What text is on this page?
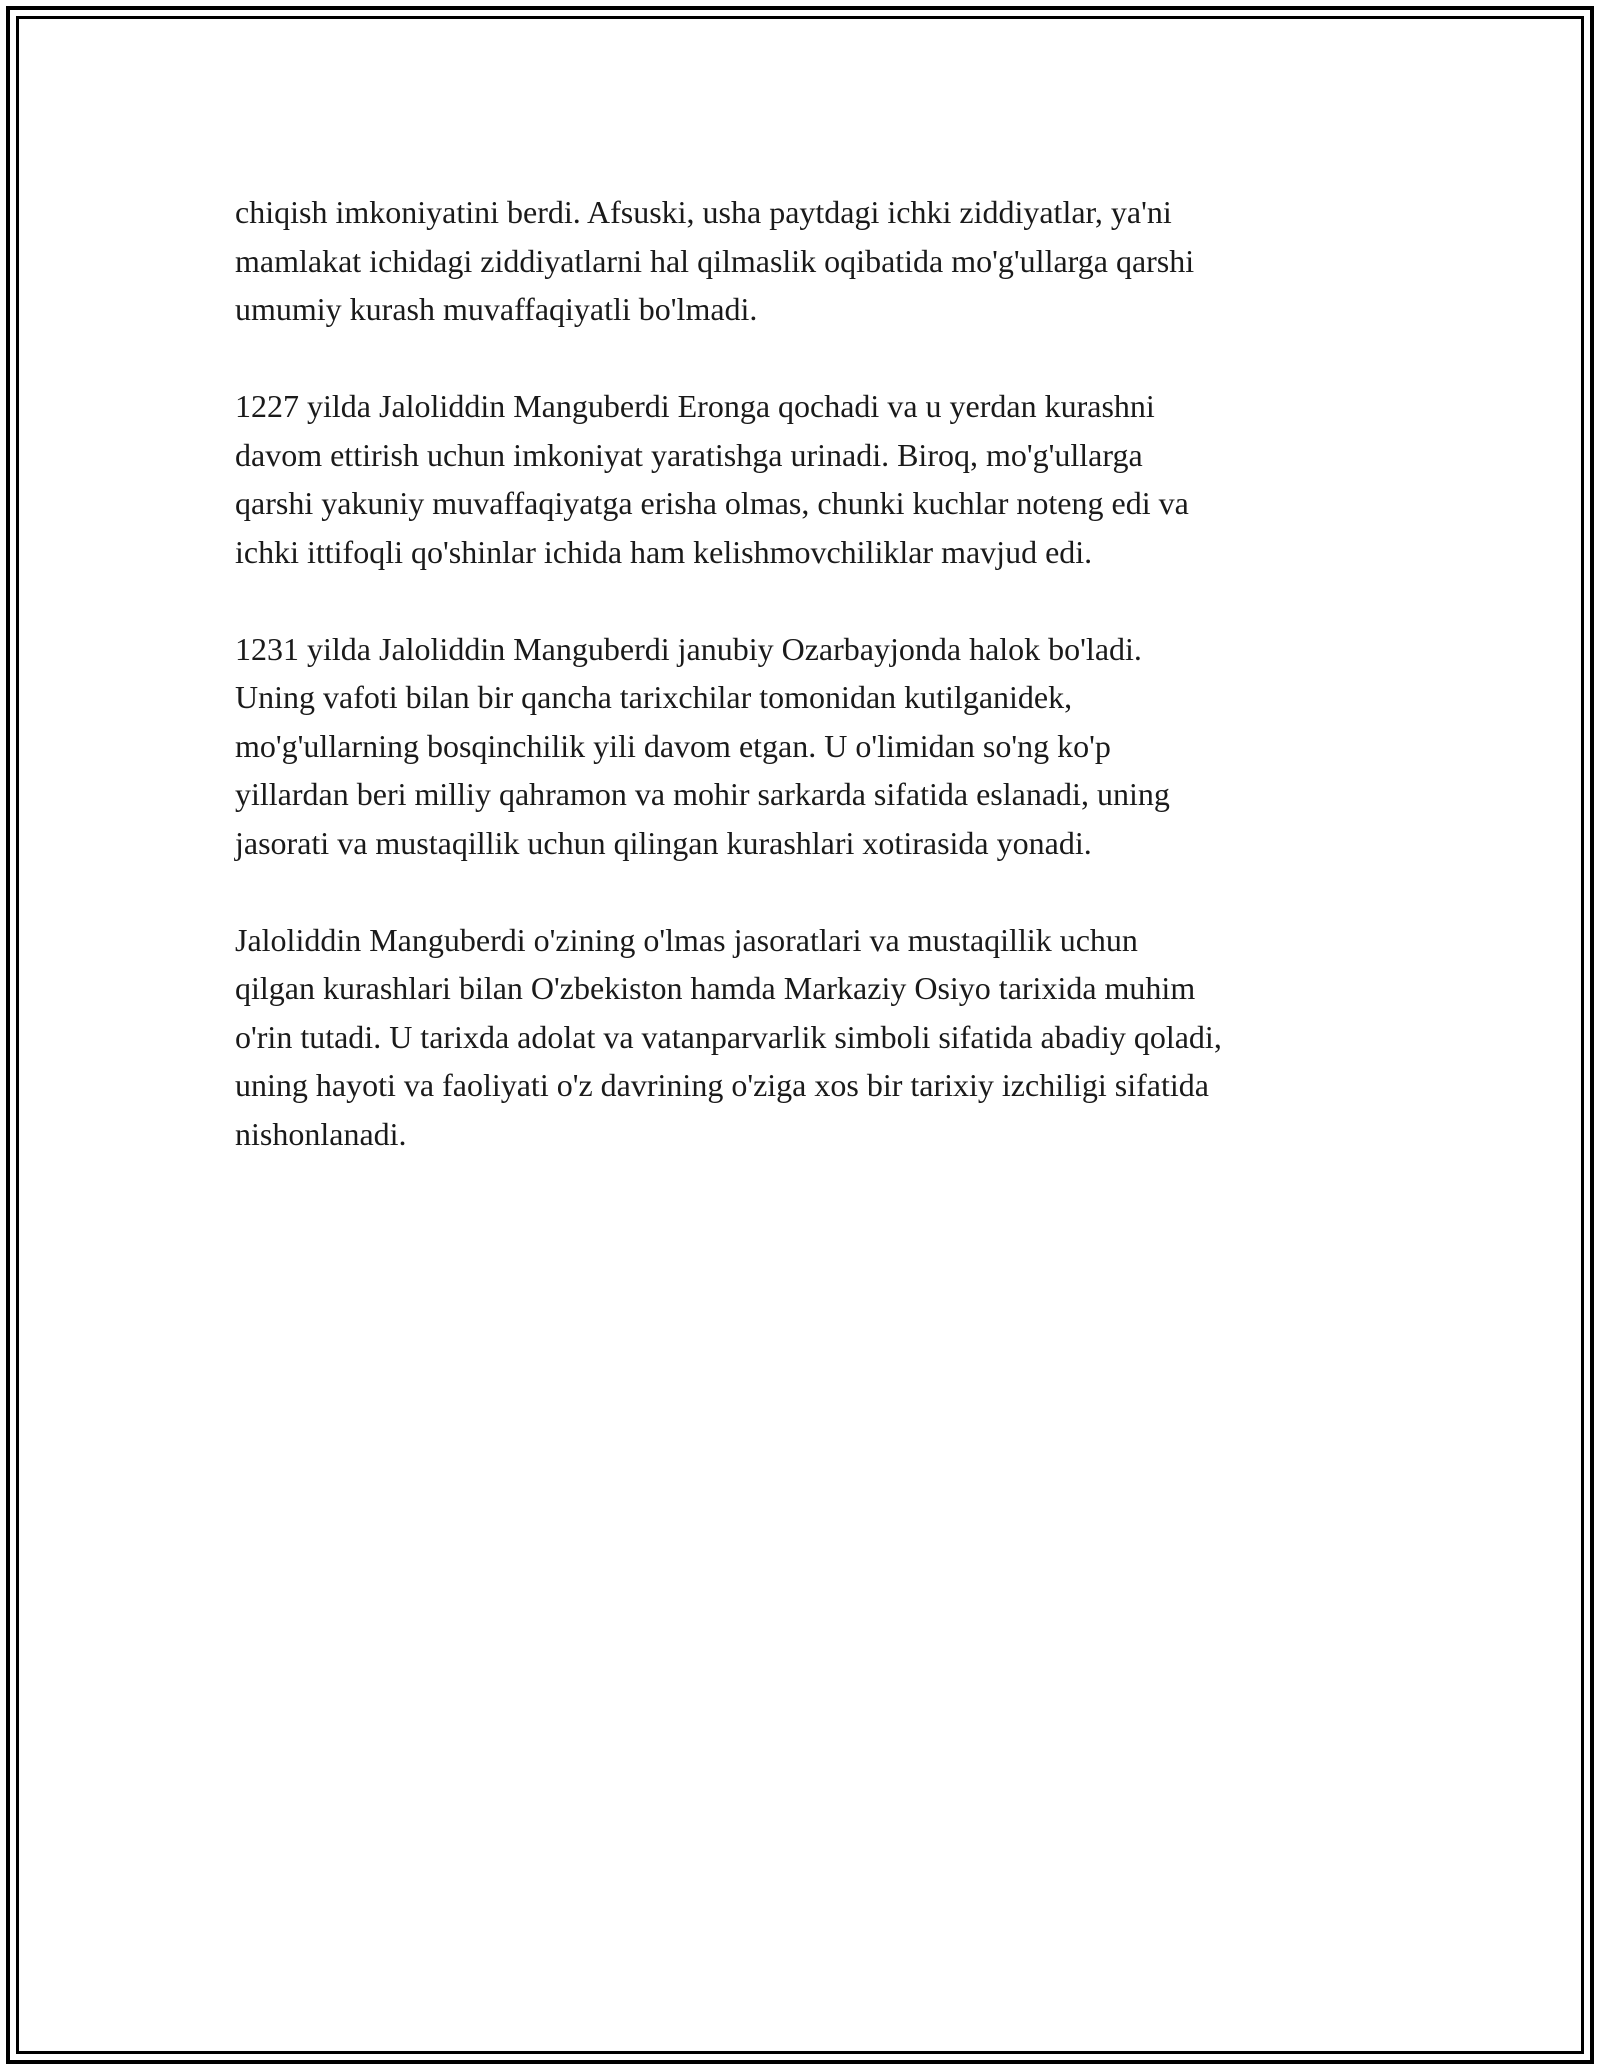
chiqish imkoniyatini berdi. Afsuski, usha paytdagi ichki ziddiyatlar, ya'ni
mamlakat ichidagi ziddiyatlarni hal qilmaslik oqibatida mo'g'ullarga qarshi
umumiy kurash muvaffaqiyatli bo'lmadi.

1227 yilda Jaloliddin Manguberdi Eronga qochadi va u yerdan kurashni
davom ettirish uchun imkoniyat yaratishga urinadi. Biroq, mo'g'ullarga
qarshi yakuniy muvaffaqiyatga erisha olmas, chunki kuchlar noteng edi va
ichki ittifoqli qo'shinlar ichida ham kelishmovchiliklar mavjud edi.

1231 yilda Jaloliddin Manguberdi janubiy Ozarbayjonda halok bo'ladi.
Uning vafoti bilan bir qancha tarixchilar tomonidan kutilganidek,
mo'g'ullarning bosqinchilik yili davom etgan. U o'limidan so'ng ko'p
yillardan beri milliy qahramon va mohir sarkarda sifatida eslanadi, uning
jasorati va mustaqillik uchun qilingan kurashlari xotirasida yonadi.

Jaloliddin Manguberdi o'zining o'lmas jasoratlari va mustaqillik uchun
qilgan kurashlari bilan O'zbekiston hamda Markaziy Osiyo tarixida muhim
o'rin tutadi. U tarixda adolat va vatanparvarlik simboli sifatida abadiy qoladi,
uning hayoti va faoliyati o'z davrining o'ziga xos bir tarixiy izchiligi sifatida
nishonlanadi.
